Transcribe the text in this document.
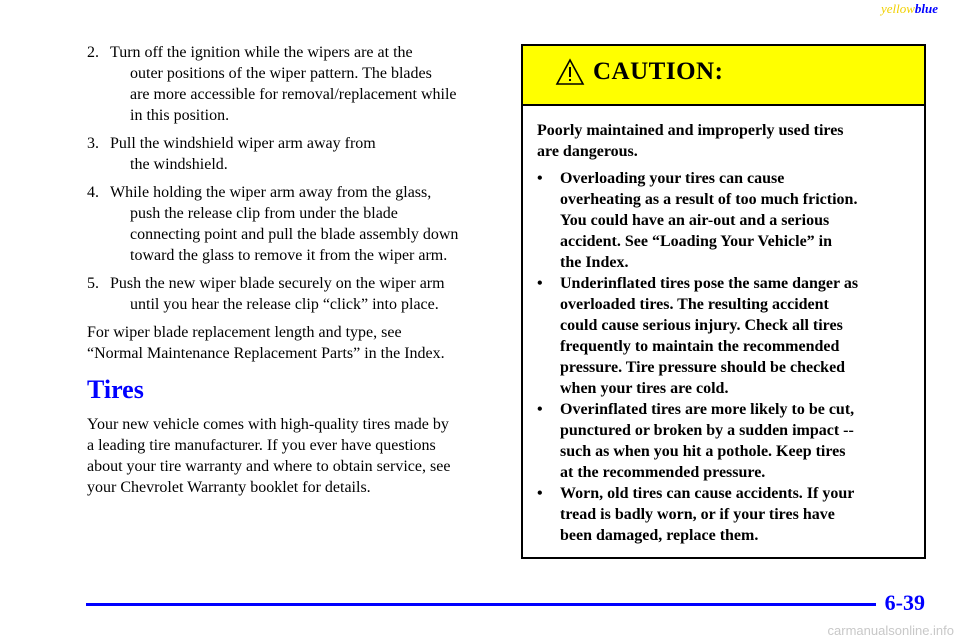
yellowblue
2. Turn off the ignition while the wipers are at the
outer positions of the wiper pattern. The blades
are more accessible for removal/replacement while
in this position.
3. Pull the windshield wiper arm away from
the windshield.
4. While holding the wiper arm away from the glass,
push the release clip from under the blade
connecting point and pull the blade assembly down
toward the glass to remove it from the wiper arm.
5. Push the new wiper blade securely on the wiper arm
until you hear the release clip “click” into place.
For wiper blade replacement length and type, see
“Normal Maintenance Replacement Parts” in the Index.
Tires
Your new vehicle comes with high-quality tires made by
a leading tire manufacturer. If you ever have questions
about your tire warranty and where to obtain service, see
your Chevrolet Warranty booklet for details.
CAUTION:
Poorly maintained and improperly used tires
are dangerous.
• Overloading your tires can cause
overheating as a result of too much friction.
You could have an air-out and a serious
accident. See “Loading Your Vehicle” in
the Index.
• Underinflated tires pose the same danger as
overloaded tires. The resulting accident
could cause serious injury. Check all tires
frequently to maintain the recommended
pressure. Tire pressure should be checked
when your tires are cold.
• Overinflated tires are more likely to be cut,
punctured or broken by a sudden impact --
such as when you hit a pothole. Keep tires
at the recommended pressure.
• Worn, old tires can cause accidents. If your
tread is badly worn, or if your tires have
been damaged, replace them.
6-39
carmanualsonline.info
